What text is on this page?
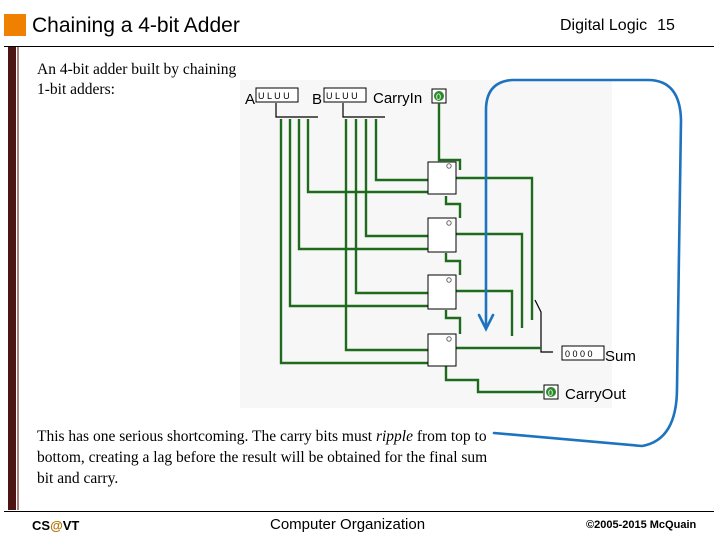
Chaining a 4-bit Adder	Digital Logic 15
An 4-bit adder built by chaining 1-bit adders:
A U L U U B U L U U CarryIn 0
0 0 0 0 Sum
0 CarryOut
This has one serious shortcoming. The carry bits must ripple from top to bottom, creating a lag before the result will be obtained for the final sum bit and carry.
CS@VT	Computer Organization	©2005-2015 McQuain
